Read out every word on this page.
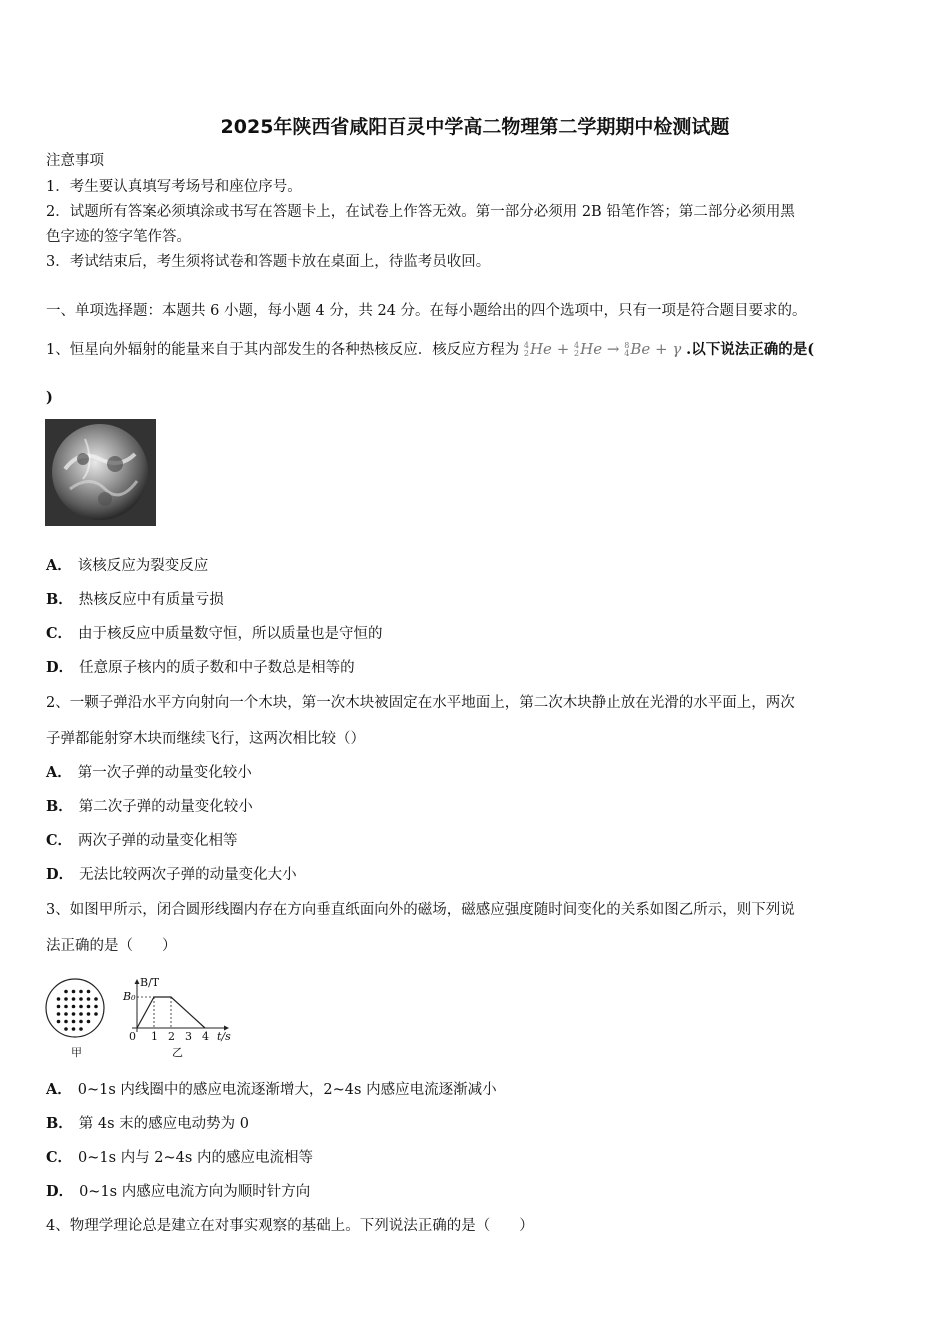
2025年陕西省咸阳百灵中学高二物理第二学期期中检测试题
注意事项
1．考生要认真填写考场号和座位序号。
2．试题所有答案必须填涂或书写在答题卡上，在试卷上作答无效。第一部分必须用 2B 铅笔作答；第二部分必须用黑
色字迹的签字笔作答。
3．考试结束后，考生须将试卷和答题卡放在桌面上，待监考员收回。
一、单项选择题：本题共 6 小题，每小题 4 分，共 24 分。在每小题给出的四个选项中，只有一项是符合题目要求的。
1、恒星向外辐射的能量来自于其内部发生的各种热核反应．核反应方程为 4
2He + 4
2He → 8
4Be + γ .以下说法正确的是(
)
A． 该核反应为裂变反应
B． 热核反应中有质量亏损
C． 由于核反应中质量数守恒，所以质量也是守恒的
D． 任意原子核内的质子数和中子数总是相等的
2、一颗子弹沿水平方向射向一个木块，第一次木块被固定在水平地面上，第二次木块静止放在光滑的水平面上，两次
子弹都能射穿木块而继续飞行，这两次相比较（）
A． 第一次子弹的动量变化较小
B． 第二次子弹的动量变化较小
C． 两次子弹的动量变化相等
D． 无法比较两次子弹的动量变化大小
3、如图甲所示，闭合圆形线圈内存在方向垂直纸面向外的磁场，磁感应强度随时间变化的关系如图乙所示，则下列说
法正确的是（　　）
甲
B/T
t/s
B₀
0 1 2 3 4
乙
A． 0~1s 内线圈中的感应电流逐渐增大，2~4s 内感应电流逐渐减小
B． 第 4s 末的感应电动势为 0
C． 0~1s 内与 2~4s 内的感应电流相等
D． 0~1s 内感应电流方向为顺时针方向
4、物理学理论总是建立在对事实观察的基础上。下列说法正确的是（　　）
